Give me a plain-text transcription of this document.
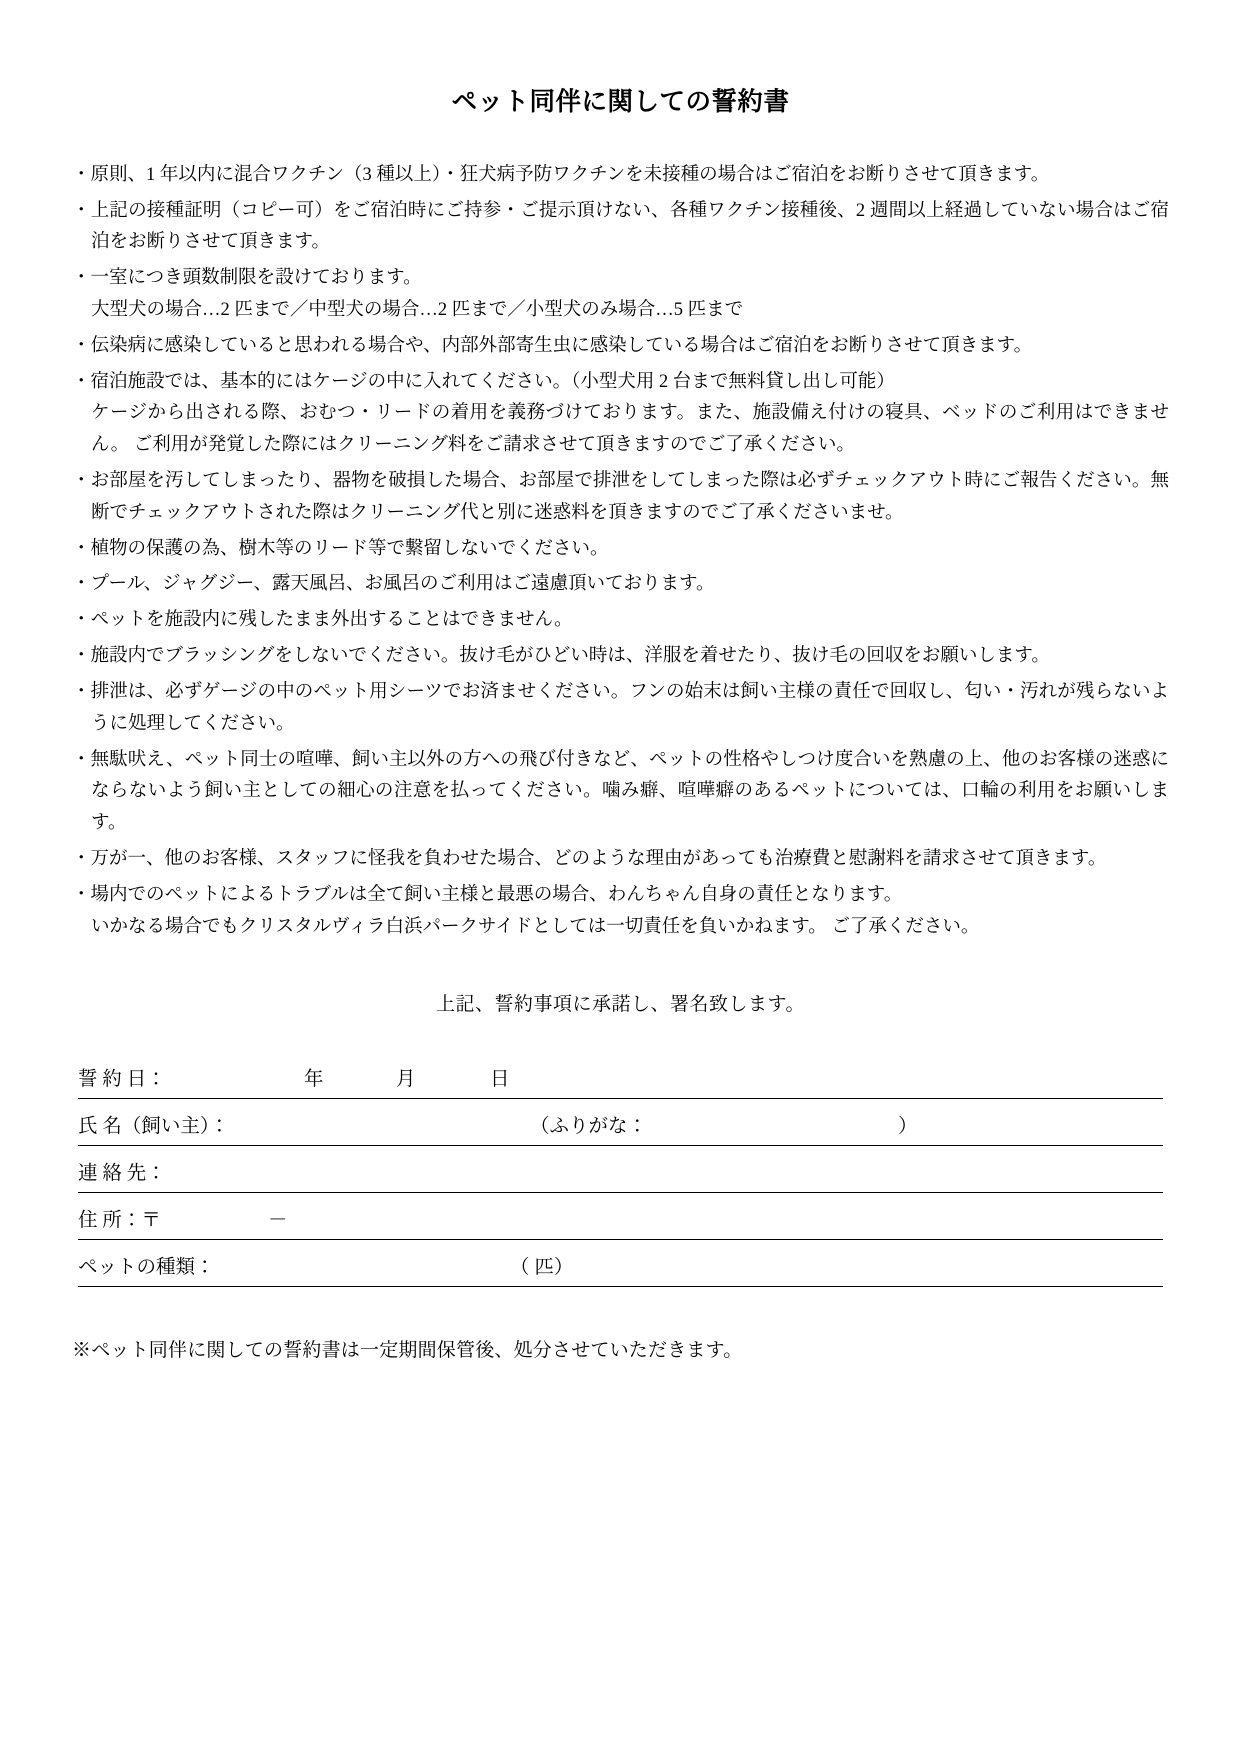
ペット同伴に関しての誓約書
・原則、1 年以内に混合ワクチン（3 種以上）・狂犬病予防ワクチンを未接種の場合はご宿泊をお断りさせて頂きます。
・上記の接種証明（コピー可）をご宿泊時にご持参・ご提示頂けない、各種ワクチン接種後、2 週間以上経過していない場合はご宿泊をお断りさせて頂きます。
・一室につき頭数制限を設けております。
大型犬の場合…2 匹まで／中型犬の場合…2 匹まで／小型犬のみ場合…5 匹まで
・伝染病に感染していると思われる場合や、内部外部寄生虫に感染している場合はご宿泊をお断りさせて頂きます。
・宿泊施設では、基本的にはケージの中に入れてください。（小型犬用 2 台まで無料貸し出し可能）
ケージから出される際、おむつ・リードの着用を義務づけております。また、施設備え付けの寝具、ベッドのご利用はできません。 ご利用が発覚した際にはクリーニング料をご請求させて頂きますのでご了承ください。
・お部屋を汚してしまったり、器物を破損した場合、お部屋で排泄をしてしまった際は必ずチェックアウト時にご報告ください。無断でチェックアウトされた際はクリーニング代と別に迷惑料を頂きますのでご了承くださいませ。
・植物の保護の為、樹木等のリード等で繋留しないでください。
・プール、ジャグジー、露天風呂、お風呂のご利用はご遠慮頂いております。
・ペットを施設内に残したまま外出することはできません。
・施設内でブラッシングをしないでください。抜け毛がひどい時は、洋服を着せたり、抜け毛の回収をお願いします。
・排泄は、必ずゲージの中のペット用シーツでお済ませください。フンの始末は飼い主様の責任で回収し、匂い・汚れが残らないように処理してください。
・無駄吠え、ペット同士の喧嘩、飼い主以外の方への飛び付きなど、ペットの性格やしつけ度合いを熟慮の上、他のお客様の迷惑にならないよう飼い主としての細心の注意を払ってください。噛み癖、喧嘩癖のあるペットについては、口輪の利用をお願いします。
・万が一、他のお客様、スタッフに怪我を負わせた場合、どのような理由があっても治療費と慰謝料を請求させて頂きます。
・場内でのペットによるトラブルは全て飼い主様と最悪の場合、わんちゃん自身の責任となります。
いかなる場合でもクリスタルヴィラ白浜パークサイドとしては一切責任を負いかねます。 ご了承ください。

上記、誓約事項に承諾し、署名致します。

誓 約 日：	年	月	日
氏 名（飼い主）：	（ふりがな：	）
連 絡 先：
住 所：〒	－
ペットの種類：	（ 匹）

※ペット同伴に関しての誓約書は一定期間保管後、処分させていただきます。
